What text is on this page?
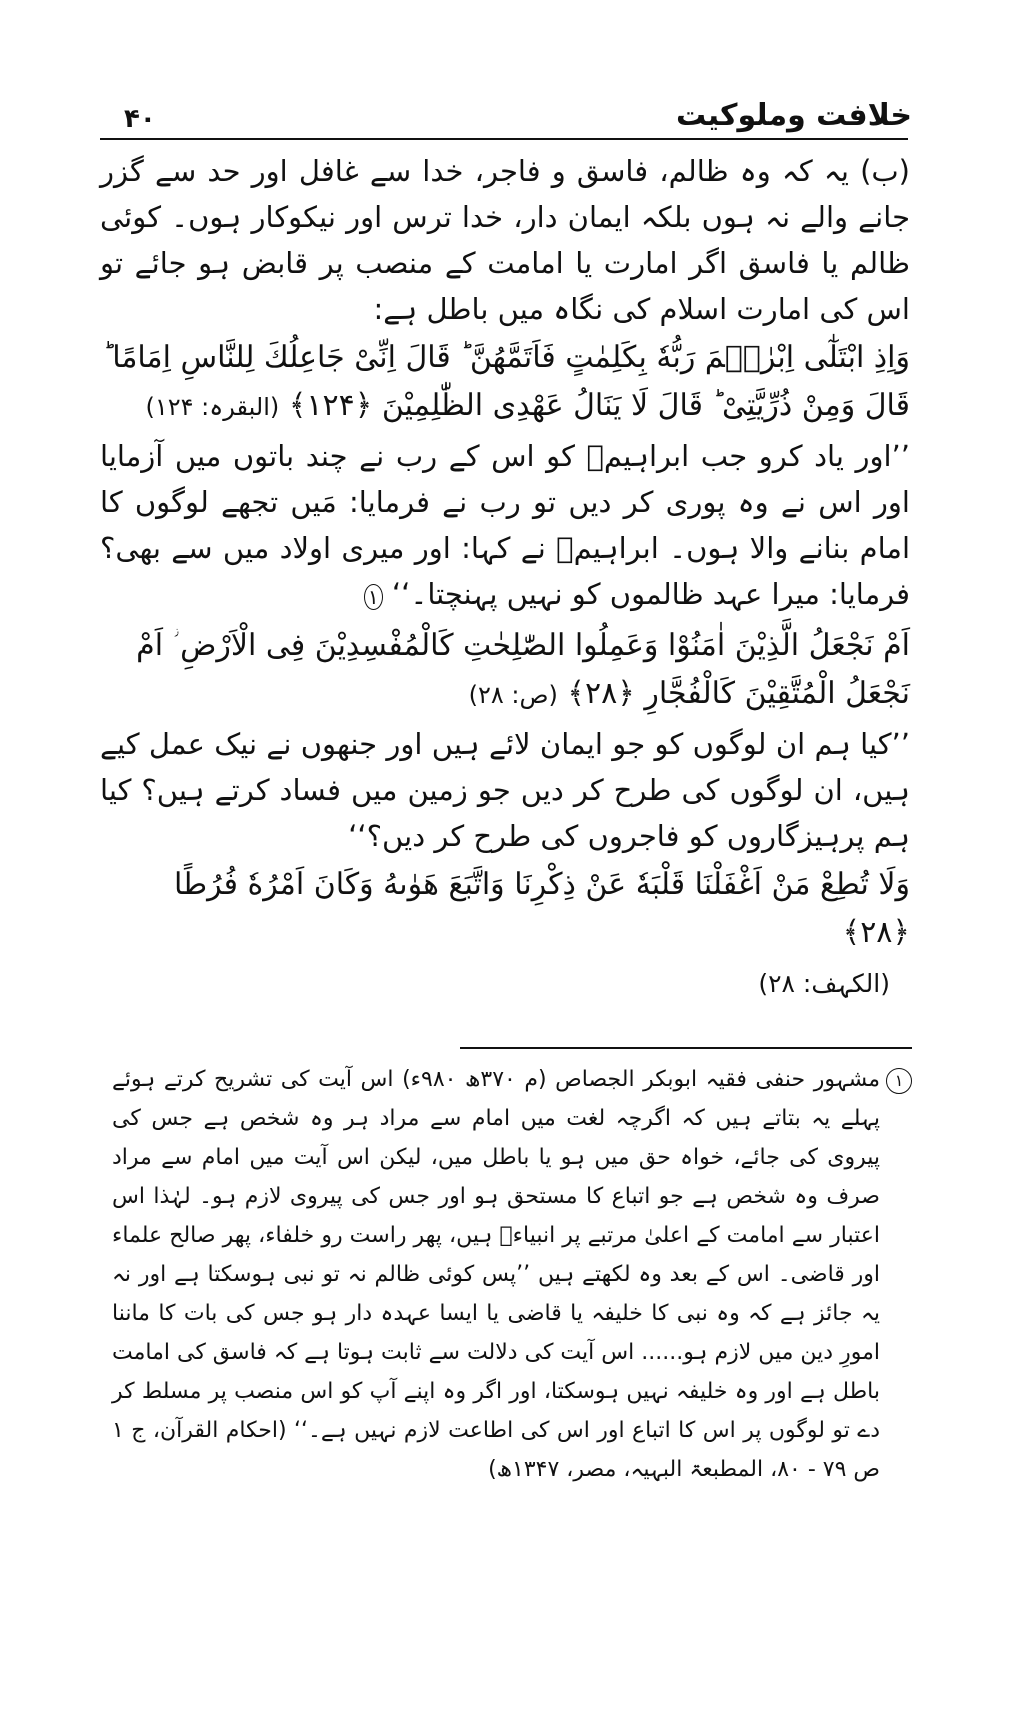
۴۰	خلافت وملوکیت

(ب) یہ کہ وہ ظالم، فاسق و فاجر، خدا سے غافل اور حد سے گزر جانے والے نہ ہوں بلکہ ایمان دار، خدا ترس اور نیکوکار ہوں۔ کوئی ظالم یا فاسق اگر امارت یا امامت کے منصب پر قابض ہو جائے تو اس کی امارت اسلام کی نگاہ میں باطل ہے:

وَاِذِ ابْتَلٰٓی اِبْرٰھٖمَ رَبُّهٗ بِكَلِمٰتٍ فَاَتَمَّهُنَّ ؕ قَالَ اِنِّیْ جَاعِلُكَ لِلنَّاسِ اِمَامًا ؕ
قَالَ وَمِنْ ذُرِّیَّتِیْ ؕ قَالَ لَا یَنَالُ عَهْدِی الظّٰلِمِیْنَ ﴿۱۲۴﴾ (البقرہ: ۱۲۴)

’’اور یاد کرو جب ابراہیمؑ کو اس کے رب نے چند باتوں میں آزمایا اور اس نے وہ پوری کر دیں تو رب نے فرمایا: مَیں تجھے لوگوں کا امام بنانے والا ہوں۔ ابراہیمؑ نے کہا: اور میری اولاد میں سے بھی؟ فرمایا: میرا عہد ظالموں کو نہیں پہنچتا۔‘‘ ۱

اَمْ نَجْعَلُ الَّذِیْنَ اٰمَنُوْا وَعَمِلُوا الصّٰلِحٰتِ كَالْمُفْسِدِیْنَ فِی الْاَرْضِ ؗ اَمْ
نَجْعَلُ الْمُتَّقِیْنَ كَالْفُجَّارِ ﴿۲۸﴾ (ص: ۲۸)

’’کیا ہم ان لوگوں کو جو ایمان لائے ہیں اور جنھوں نے نیک عمل کیے ہیں، ان لوگوں کی طرح کر دیں جو زمین میں فساد کرتے ہیں؟ کیا ہم پرہیزگاروں کو فاجروں کی طرح کر دیں؟‘‘

وَلَا تُطِعْ مَنْ اَغْفَلْنَا قَلْبَهٗ عَنْ ذِكْرِنَا وَاتَّبَعَ هَوٰىهُ وَكَانَ اَمْرُهٗ فُرُطًا ﴿۲۸﴾
(الکہف: ۲۸)
۱

مشہور حنفی فقیہ ابوبکر الجصاص (م ۳۷۰ھ ۹۸۰ء) اس آیت کی تشریح کرتے ہوئے پہلے یہ بتاتے ہیں کہ اگرچہ لغت میں امام سے مراد ہر وہ شخص ہے جس کی پیروی کی جائے، خواہ حق میں ہو یا باطل میں، لیکن اس آیت میں امام سے مراد صرف وہ شخص ہے جو اتباع کا مستحق ہو اور جس کی پیروی لازم ہو۔ لہٰذا اس اعتبار سے امامت کے اعلیٰ مرتبے پر انبیاءؑ ہیں، پھر راست رو خلفاء، پھر صالح علماء اور قاضی۔ اس کے بعد وہ لکھتے ہیں ’’پس کوئی ظالم نہ تو نبی ہوسکتا ہے اور نہ یہ جائز ہے کہ وہ نبی کا خلیفہ یا قاضی یا ایسا عہدہ دار ہو جس کی بات کا ماننا امورِ دین میں لازم ہو...... اس آیت کی دلالت سے ثابت ہوتا ہے کہ فاسق کی امامت باطل ہے اور وہ خلیفہ نہیں ہوسکتا، اور اگر وہ اپنے آپ کو اس منصب پر مسلط کر دے تو لوگوں پر اس کا اتباع اور اس کی اطاعت لازم نہیں ہے۔‘‘ (احکام القرآن، ج ۱ ص ۷۹ - ۸۰، المطبعۃ البہیہ، مصر، ۱۳۴۷ھ)
